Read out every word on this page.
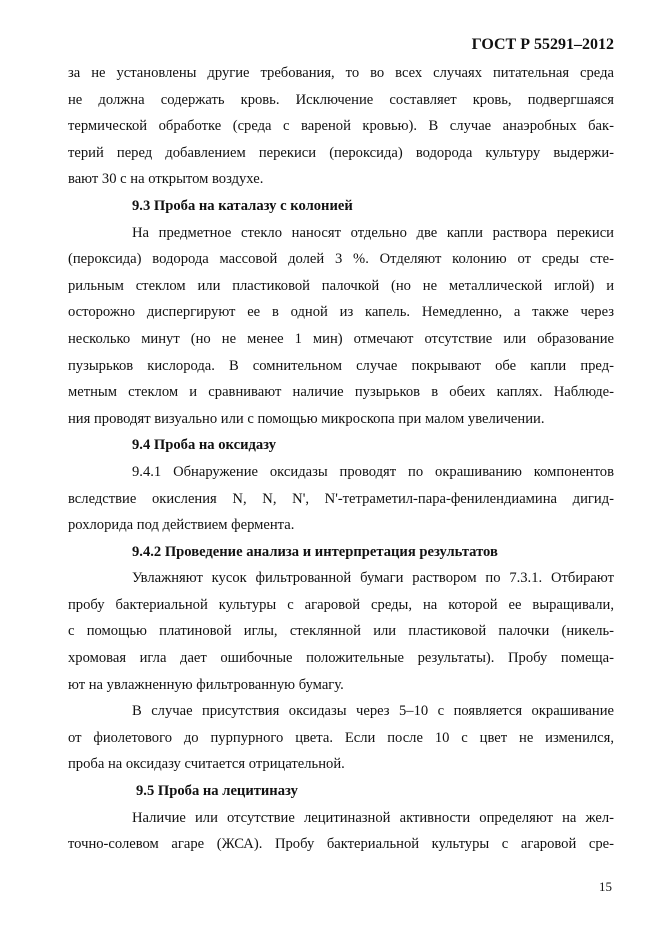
ГОСТ Р 55291–2012
за не установлены другие требования, то во всех случаях питательная среда
не должна содержать кровь. Исключение составляет кровь, подвергшаяся
термической обработке (среда с вареной кровью). В случае анаэробных бак-
терий перед добавлением перекиси (пероксида) водорода культуру выдержи-
вают 30 с на открытом воздухе.
9.3 Проба на каталазу с колонией
На предметное стекло наносят отдельно две капли раствора перекиси
(пероксида) водорода массовой долей 3 %. Отделяют колонию от среды сте-
рильным стеклом или пластиковой палочкой (но не металлической иглой) и
осторожно диспергируют ее в одной из капель. Немедленно, а также через
несколько минут (но не менее 1 мин) отмечают отсутствие или образование
пузырьков кислорода. В сомнительном случае покрывают обе капли пред-
метным стеклом и сравнивают наличие пузырьков в обеих каплях. Наблюде-
ния проводят визуально или с помощью микроскопа при малом увеличении.
9.4 Проба на оксидазу
9.4.1 Обнаружение оксидазы проводят по окрашиванию компонентов
вследствие окисления N, N, N', N'-тетраметил-пара-фенилендиамина дигид-
рохлорида под действием фермента.
9.4.2 Проведение анализа и интерпретация результатов
Увлажняют кусок фильтрованной бумаги раствором по 7.3.1. Отбирают
пробу бактериальной культуры с агаровой среды, на которой ее выращивали,
с помощью платиновой иглы, стеклянной или пластиковой палочки (никель-
хромовая игла дает ошибочные положительные результаты). Пробу помеща-
ют на увлажненную фильтрованную бумагу.
В случае присутствия оксидазы через 5–10 с появляется окрашивание
от фиолетового до пурпурного цвета. Если после 10 с цвет не изменился,
проба на оксидазу считается отрицательной.
9.5 Проба на лецитиназу
Наличие или отсутствие лецитиназной активности определяют на жел-
точно-солевом агаре (ЖСА). Пробу бактериальной культуры с агаровой сре-
15
